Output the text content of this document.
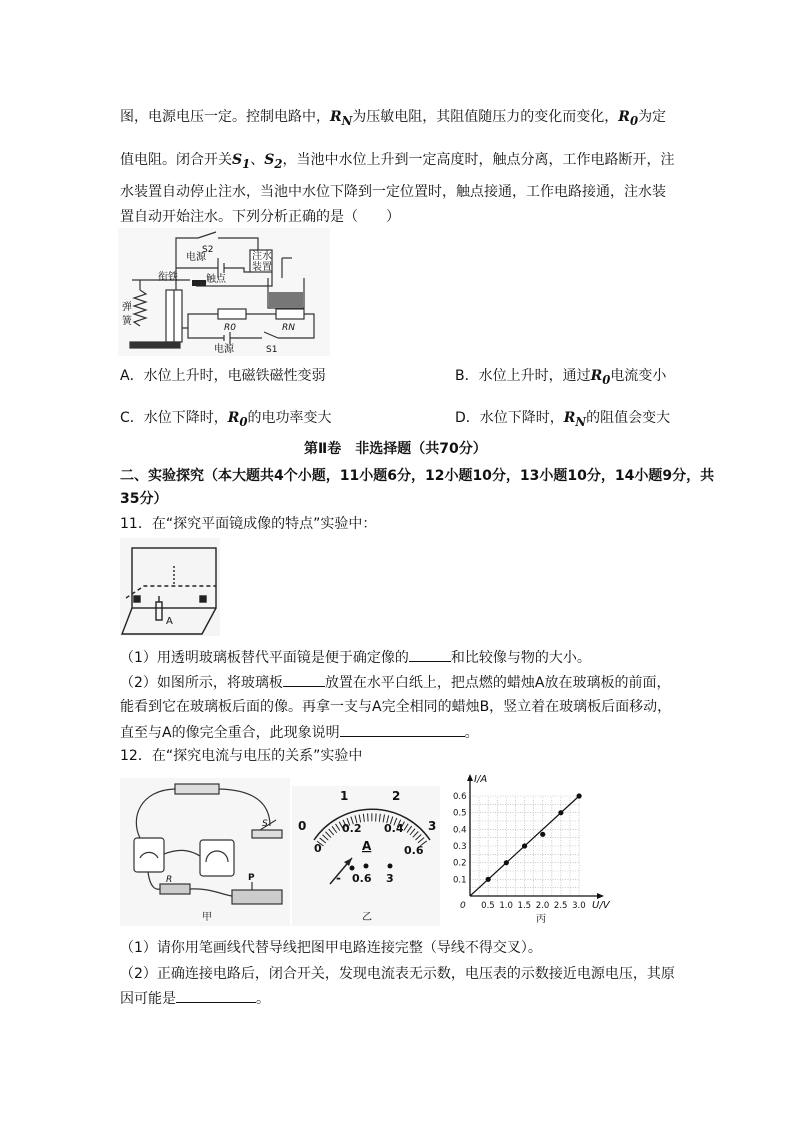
图，电源电压一定。控制电路中，$R_N$为压敏电阻，其阻值随压力的变化而变化，$R_0$为定
值电阻。闭合开关$S_1$、$S_2$，当池中水位上升到一定高度时，触点分离，工作电路断开，注
水装置自动停止注水，当池中水位下降到一定位置时，触点接通，工作电路接通，注水装
置自动开始注水。下列分析正确的是（　　）
S2
电源	注水
装置
衔铁	触点
弹
簧
R0	RN
电源	S1
A．水位上升时，电磁铁磁性变弱	B．水位上升时，通过$R_0$电流变小
C．水位下降时，$R_0$的电功率变大	D．水位下降时，$R_N$的阻值会变大
第Ⅱ卷　非选择题（共70分）
二、实验探究（本大题共4个小题，11小题6分，12小题10分，13小题10分，14小题9分，共
35分）
11．在“探究平面镜成像的特点”实验中：
A
（1）用透明玻璃板替代平面镜是便于确定像的	和比较像与物的大小。
（2）如图所示，将玻璃板	放置在水平白纸上，把点燃的蜡烛A放在玻璃板的前面，
能看到它在玻璃板后面的像。再拿一支与A完全相同的蜡烛B，竖立着在玻璃板后面移动，
直至与A的像完全重合，此现象说明	。
12．在“探究电流与电压的关系”实验中
S
R	P
甲
0
1	2
3
0
0.2 0.4
0.6
A
- 0.6 3
乙
I/A
U/V
0 0.5 1.0 1.5 2.0 2.5 3.0
0.1
0.2
0.3
0.4
0.5
0.6
丙
（1）请你用笔画线代替导线把图甲电路连接完整（导线不得交叉）。
（2）正确连接电路后，闭合开关，发现电流表无示数，电压表的示数接近电源电压，其原
因可能是	。
